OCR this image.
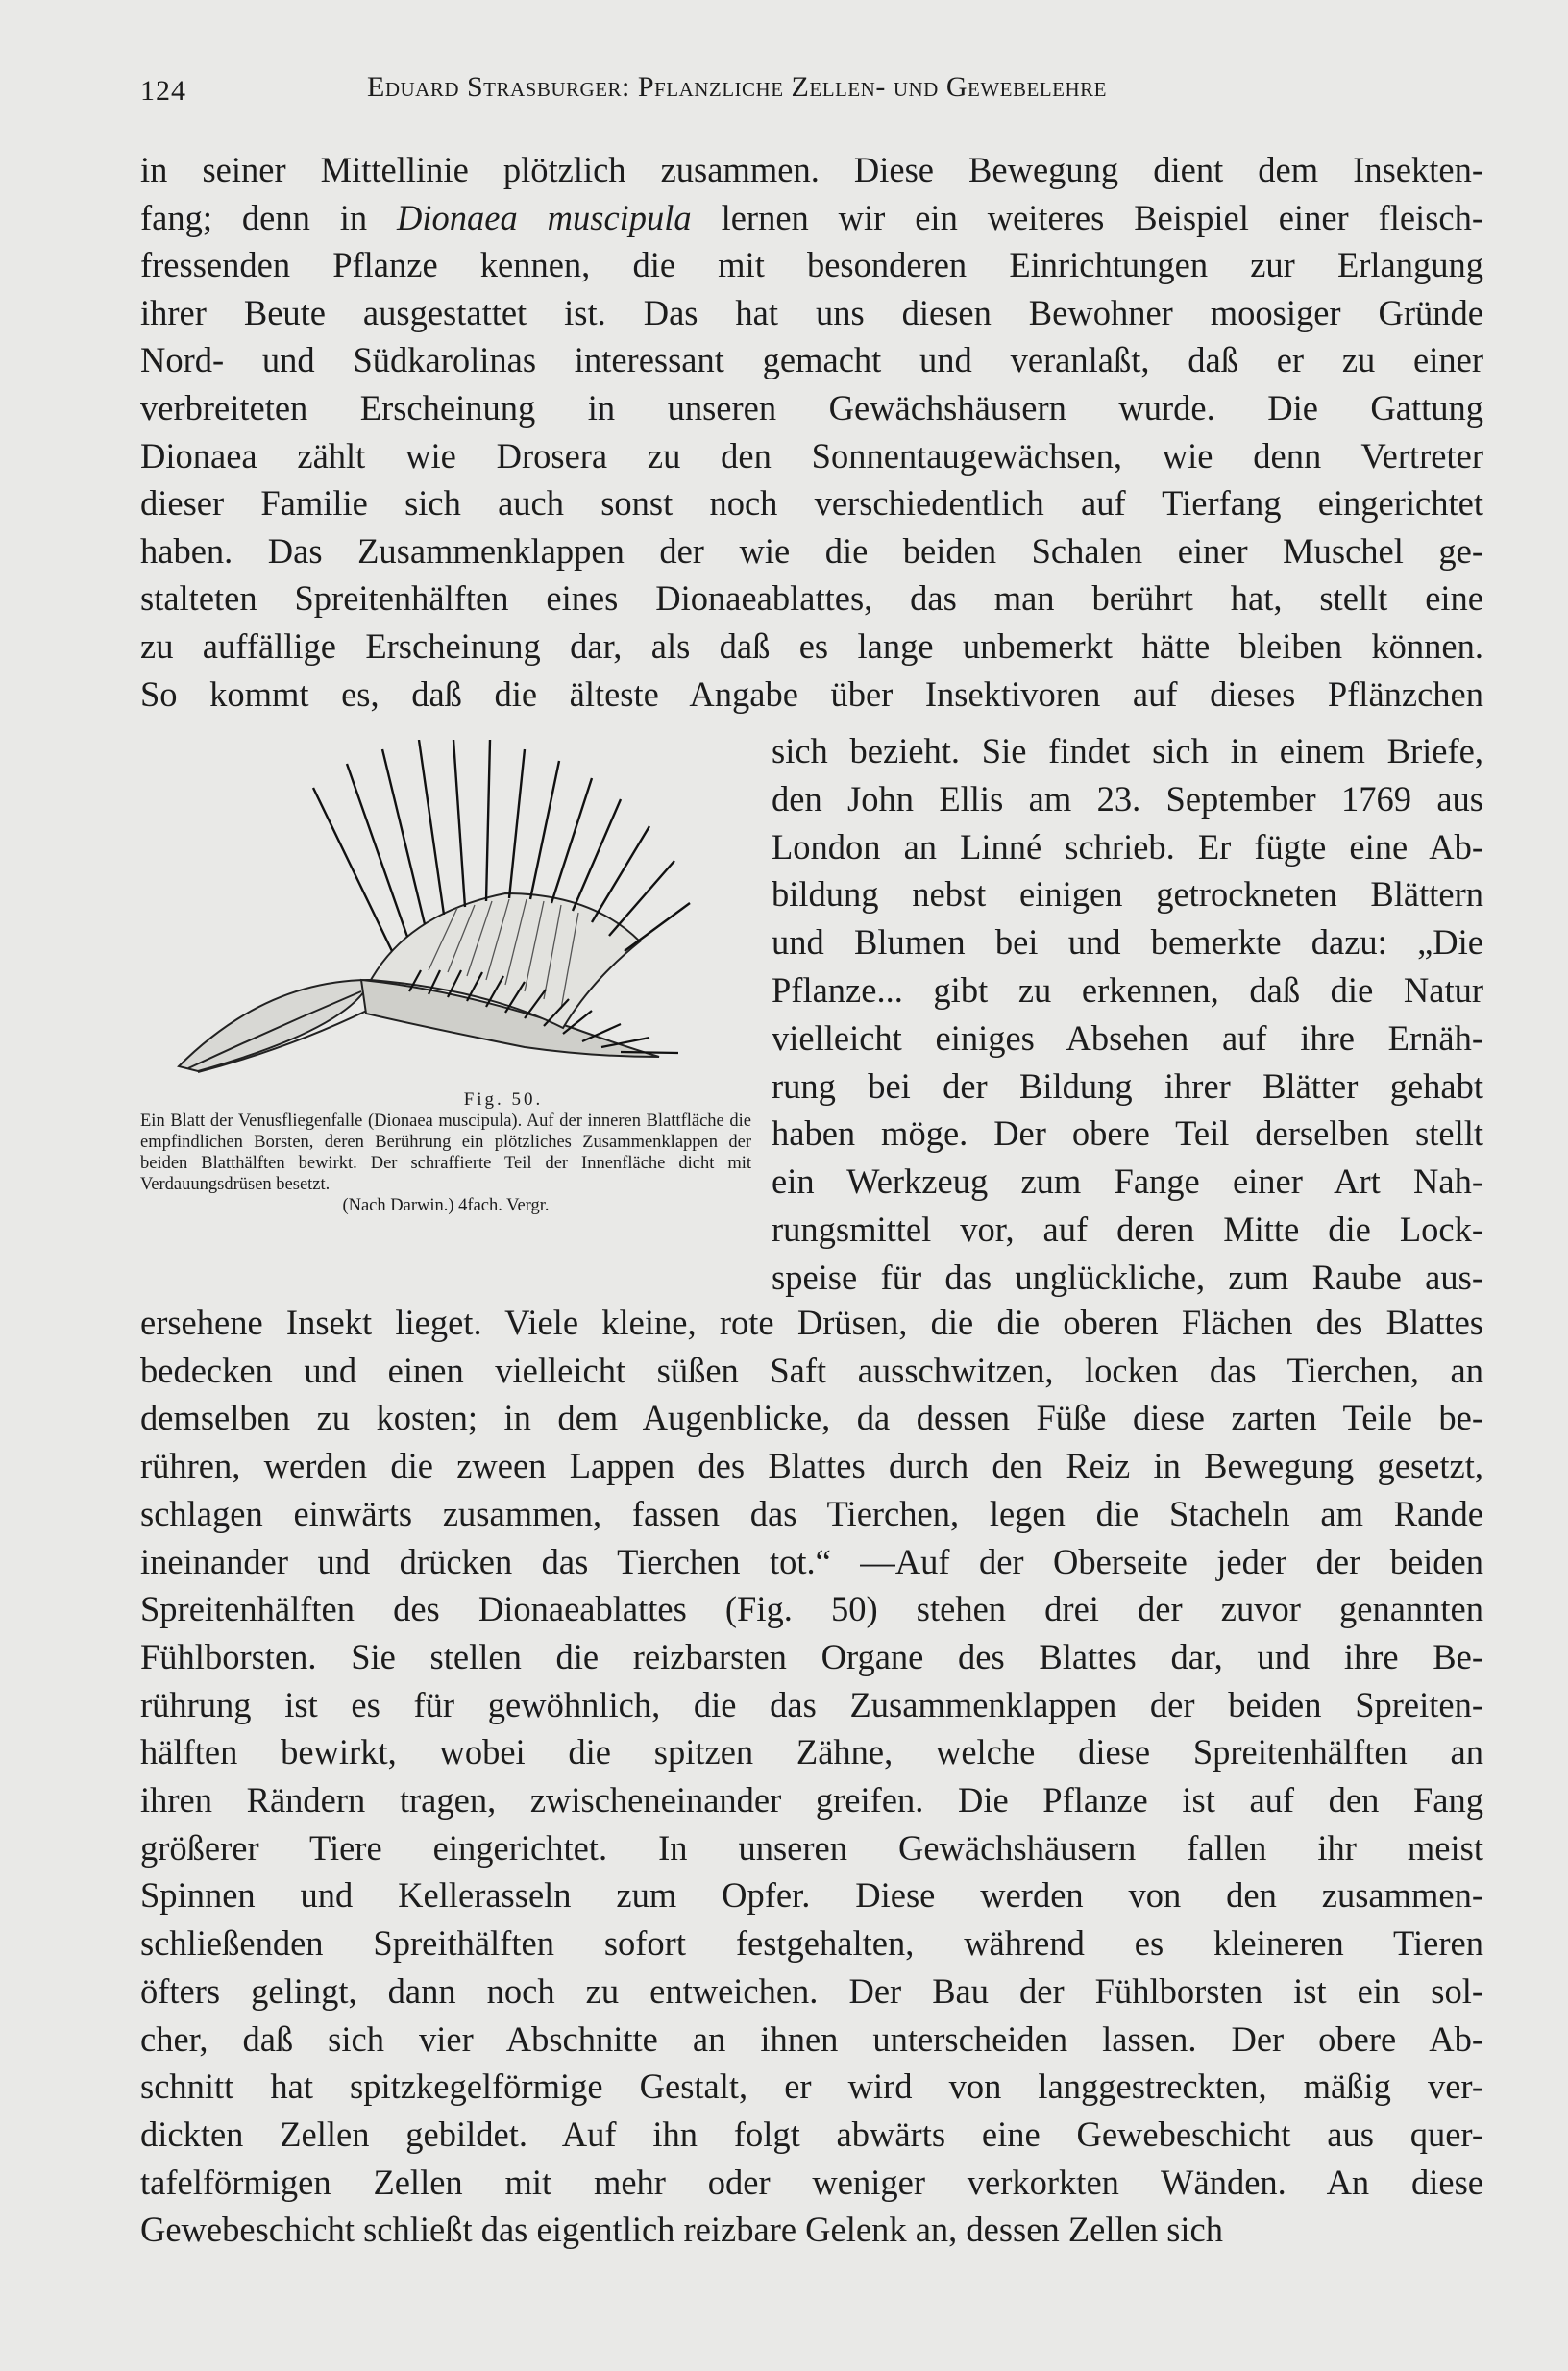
124	Eduard Strasburger: Pflanzliche Zellen- und Gewebelehre
in seiner Mittellinie plötzlich zusammen. Diese Bewegung dient dem Insekten-
fang; denn in Dionaea muscipula lernen wir ein weiteres Beispiel einer fleisch-
fressenden Pflanze kennen, die mit besonderen Einrichtungen zur Erlangung
ihrer Beute ausgestattet ist. Das hat uns diesen Bewohner moosiger Gründe
Nord- und Südkarolinas interessant gemacht und veranlaßt, daß er zu einer
verbreiteten Erscheinung in unseren Gewächshäusern wurde. Die Gattung
Dionaea zählt wie Drosera zu den Sonnentaugewächsen, wie denn Vertreter
dieser Familie sich auch sonst noch verschiedentlich auf Tierfang eingerichtet
haben. Das Zusammenklappen der wie die beiden Schalen einer Muschel ge-
stalteten Spreitenhälften eines Dionaeablattes, das man berührt hat, stellt eine
zu auffällige Erscheinung dar, als daß es lange unbemerkt hätte bleiben können.
So kommt es, daß die älteste Angabe über Insektivoren auf dieses Pflänzchen
Fig. 50.
Ein Blatt der Venusfliegenfalle (Dionaea muscipula). Auf der inneren Blattfläche die empfindlichen Borsten, deren Berührung ein plötzliches Zusammenklappen der beiden Blatthälften bewirkt. Der schraffierte Teil der Innenfläche dicht mit Verdauungsdrüsen besetzt.
(Nach Darwin.) 4fach. Vergr.
sich bezieht. Sie findet sich in einem Briefe,
den John Ellis am 23. September 1769 aus
London an Linné schrieb. Er fügte eine Ab-
bildung nebst einigen getrockneten Blättern
und Blumen bei und bemerkte dazu: „Die
Pflanze... gibt zu erkennen, daß die Natur
vielleicht einiges Absehen auf ihre Ernäh-
rung bei der Bildung ihrer Blätter gehabt
haben möge. Der obere Teil derselben stellt
ein Werkzeug zum Fange einer Art Nah-
rungsmittel vor, auf deren Mitte die Lock-
speise für das unglückliche, zum Raube aus-
ersehene Insekt lieget. Viele kleine, rote Drüsen, die die oberen Flächen des Blattes
bedecken und einen vielleicht süßen Saft ausschwitzen, locken das Tierchen, an
demselben zu kosten; in dem Augenblicke, da dessen Füße diese zarten Teile be-
rühren, werden die zween Lappen des Blattes durch den Reiz in Bewegung gesetzt,
schlagen einwärts zusammen, fassen das Tierchen, legen die Stacheln am Rande
ineinander und drücken das Tierchen tot.“ —Auf der Oberseite jeder der beiden
Spreitenhälften des Dionaeablattes (Fig. 50) stehen drei der zuvor genannten
Fühlborsten. Sie stellen die reizbarsten Organe des Blattes dar, und ihre Be-
rührung ist es für gewöhnlich, die das Zusammenklappen der beiden Spreiten-
hälften bewirkt, wobei die spitzen Zähne, welche diese Spreitenhälften an
ihren Rändern tragen, zwischeneinander greifen. Die Pflanze ist auf den Fang
größerer Tiere eingerichtet. In unseren Gewächshäusern fallen ihr meist
Spinnen und Kellerasseln zum Opfer. Diese werden von den zusammen-
schließenden Spreithälften sofort festgehalten, während es kleineren Tieren
öfters gelingt, dann noch zu entweichen. Der Bau der Fühlborsten ist ein sol-
cher, daß sich vier Abschnitte an ihnen unterscheiden lassen. Der obere Ab-
schnitt hat spitzkegelförmige Gestalt, er wird von langgestreckten, mäßig ver-
dickten Zellen gebildet. Auf ihn folgt abwärts eine Gewebeschicht aus quer-
tafelförmigen Zellen mit mehr oder weniger verkorkten Wänden. An diese
Gewebeschicht schließt das eigentlich reizbare Gelenk an, dessen Zellen sich
